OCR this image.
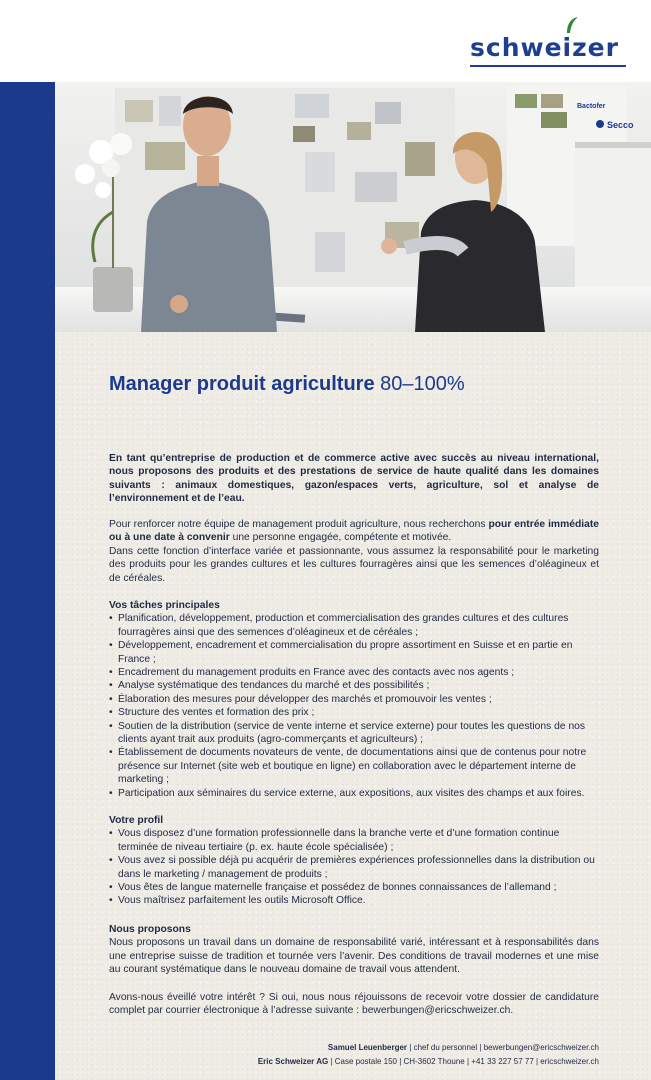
schweizer
Bactofer
Secco
Manager produit agriculture 80–100%
En tant qu’entreprise de production et de commerce active avec succès au niveau international, nous proposons des produits et des prestations de service de haute qualité dans les domaines suivants : animaux domestiques, gazon/espaces verts, agriculture, sol et analyse de l’environnement et de l’eau.

Pour renforcer notre équipe de management produit agriculture, nous recherchons pour entrée immédiate ou à une date à convenir une personne engagée, compétente et motivée.

Dans cette fonction d’interface variée et passionnante, vous assumez la responsabilité pour le marketing des produits pour les grandes cultures et les cultures fourragères ainsi que les semences d’oléagineux et de céréales.

Vos tâches principales

• Planification, développement, production et commercialisation des grandes cultures et des cultures fourragères ainsi que des semences d’oléagineux et de céréales ;
• Développement, encadrement et commercialisation du propre assortiment en Suisse et en partie en France ;
• Encadrement du management produits en France avec des contacts avec nos agents ;
• Analyse systématique des tendances du marché et des possibilités ;
• Élaboration des mesures pour développer des marchés et promouvoir les ventes ;
• Structure des ventes et formation des prix ;
• Soutien de la distribution (service de vente interne et service externe) pour toutes les questions de nos clients ayant trait aux produits (agro-commerçants et agriculteurs) ;
• Établissement de documents novateurs de vente, de documentations ainsi que de contenus pour notre présence sur Internet (site web et boutique en ligne) en collaboration avec le département interne de marketing ;
• Participation aux séminaires du service externe, aux expositions, aux visites des champs et aux foires.

Votre profil

• Vous disposez d’une formation professionnelle dans la branche verte et d’une formation continue terminée de niveau tertiaire (p. ex. haute école spécialisée) ;
• Vous avez si possible déjà pu acquérir de premières expériences professionnelles dans la distribution ou dans le marketing / management de produits ;
• Vous êtes de langue maternelle française et possédez de bonnes connaissances de l’allemand ;
• Vous maîtrisez parfaitement les outils Microsoft Office.

Nous proposons

Nous proposons un travail dans un domaine de responsabilité varié, intéressant et à responsabilités dans une entreprise suisse de tradition et tournée vers l’avenir. Des conditions de travail modernes et une mise au courant systématique dans le nouveau domaine de travail vous attendent.

Avons-nous éveillé votre intérêt ? Si oui, nous nous réjouissons de recevoir votre dossier de candidature complet par courrier électronique à l’adresse suivante : bewerbungen@ericschweizer.ch.
Samuel Leuenberger | chef du personnel | bewerbungen@ericschweizer.ch
Eric Schweizer AG | Case postale 150 | CH-3602 Thoune | +41 33 227 57 77 | ericschweizer.ch
